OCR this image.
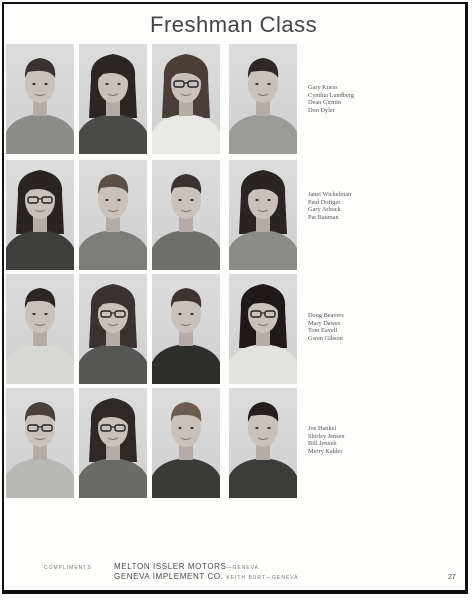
Freshman Class
Gary Kness
Cynthia Lundberg
Dean Girmin
Don Dyler
Janet Wickelman
Paul Dofiger
Gary Arbuck
Pat Bauman
Doug Beavers
Mary Dawes
Tom Eavell
Gwen Gibson
Joe Hankel
Shirley Jensen
Bill Jenneh
Merry Kahler
COMPLIMENTS	MELTON ISSLER MOTORS—GENEVA
GENEVA IMPLEMENT CO. KEITH BURT—GENEVA	27
